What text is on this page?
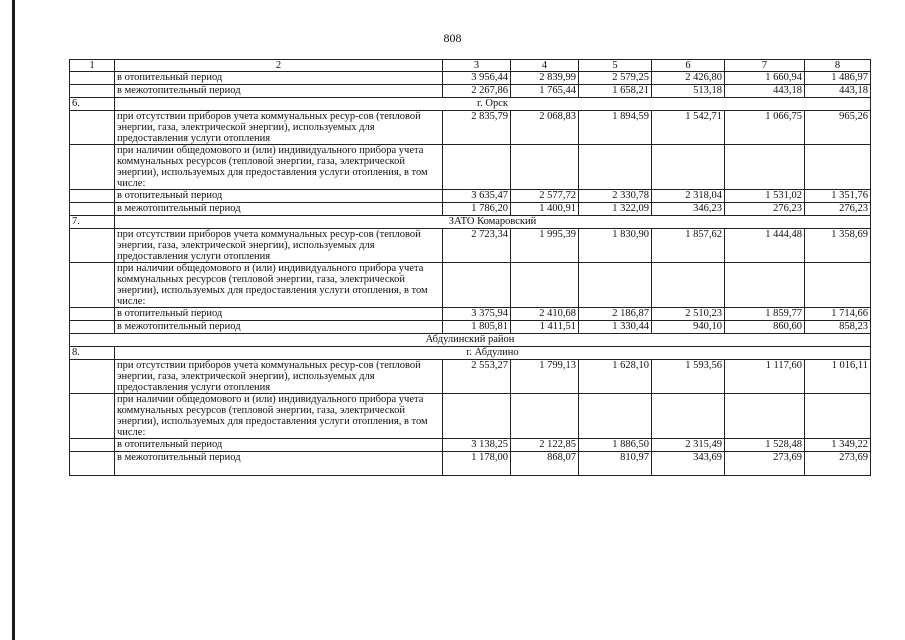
808
1	2	3	4	5	6	7	8
	в отопительный период	3 956,44	2 839,99	2 579,25	2 426,80	1 660,94	1 486,97
	в межотопительный период	2 267,86	1 765,44	1 658,21	513,18	443,18	443,18
6.	г. Орск						
	при отсутствии приборов учета коммунальных ресур-сов (тепловой энергии, газа, электрической энергии), используемых для предоставления услуги отопления	2 835,79	2 068,83	1 894,59	1 542,71	1 066,75	965,26
	при наличии общедомового и (или) индивидуального прибора учета коммунальных ресурсов (тепловой энергии, газа, электрической энергии), используемых для предоставления услуги отопления, в том числе:						
	в отопительный период	3 635,47	2 577,72	2 330,78	2 318,04	1 531,02	1 351,76
	в межотопительный период	1 786,20	1 400,91	1 322,09	346,23	276,23	276,23
7.	ЗАТО Комаровский						
	при отсутствии приборов учета коммунальных ресур-сов (тепловой энергии, газа, электрической энергии), используемых для предоставления услуги отопления	2 723,34	1 995,39	1 830,90	1 857,62	1 444,48	1 358,69
	при наличии общедомового и (или) индивидуального прибора учета коммунальных ресурсов (тепловой энергии, газа, электрической энергии), используемых для предоставления услуги отопления, в том числе:						
	в отопительный период	3 375,94	2 410,68	2 186,87	2 510,23	1 859,77	1 714,66
	в межотопительный период	1 805,81	1 411,51	1 330,44	940,10	860,60	858,23
Абдулинский район							
8.	г. Абдулино						
	при отсутствии приборов учета коммунальных ресур-сов (тепловой энергии, газа, электрической энергии), используемых для предоставления услуги отопления	2 553,27	1 799,13	1 628,10	1 593,56	1 117,60	1 016,11
	при наличии общедомового и (или) индивидуального прибора учета коммунальных ресурсов (тепловой энергии, газа, электрической энергии), используемых для предоставления услуги отопления, в том числе:						
	в отопительный период	3 138,25	2 122,85	1 886,50	2 315,49	1 528,48	1 349,22
	в межотопительный период	1 178,00	868,07	810,97	343,69	273,69	273,69
